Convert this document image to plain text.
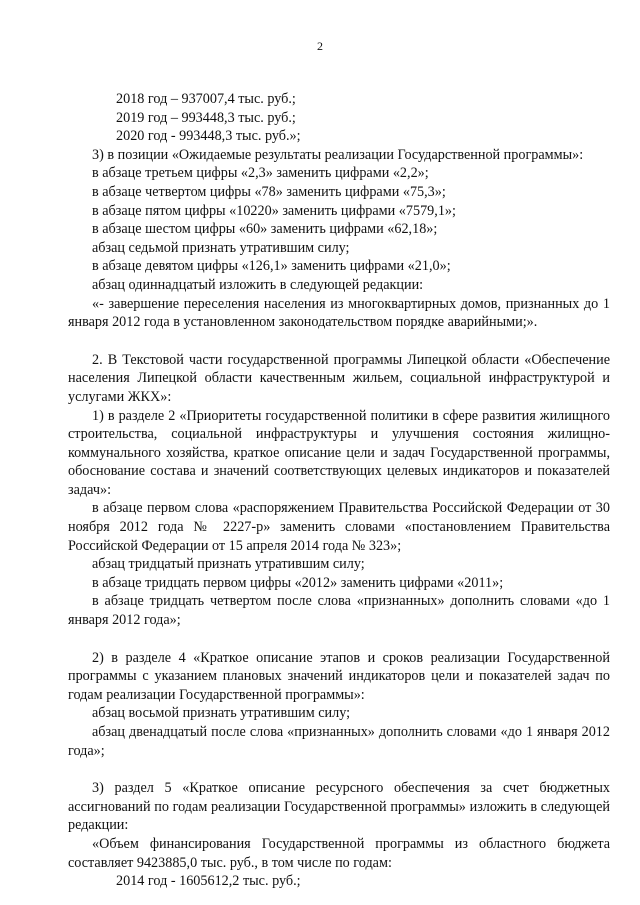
2

2018 год – 937007,4 тыс. руб.;

2019 год – 993448,3 тыс. руб.;

2020 год - 993448,3 тыс. руб.»;

3) в позиции «Ожидаемые результаты реализации Государственной программы»:

в абзаце третьем цифры «2,3» заменить цифрами «2,2»;

в абзаце четвертом цифры «78» заменить цифрами «75,3»;

в абзаце пятом цифры «10220» заменить цифрами «7579,1»;

в абзаце шестом цифры «60» заменить цифрами «62,18»;

абзац седьмой признать утратившим силу;

в абзаце девятом цифры «126,1» заменить цифрами «21,0»;

абзац одиннадцатый изложить в следующей редакции:

«- завершение переселения населения из многоквартирных домов, признанных до 1 января 2012 года в установленном законодательством порядке аварийными;».

2. В Текстовой части государственной программы Липецкой области «Обеспечение населения Липецкой области качественным жильем, социальной инфраструктурой и услугами ЖКХ»:

1) в разделе 2 «Приоритеты государственной политики в сфере развития жилищного строительства, социальной инфраструктуры и улучшения состояния жилищно-коммунального хозяйства, краткое описание цели и задач Государственной программы, обоснование состава и значений соответствующих целевых индикаторов и показателей задач»:

в абзаце первом слова «распоряжением Правительства Российской Федерации от 30 ноября 2012 года № 2227-р» заменить словами «постановлением Правительства Российской Федерации от 15 апреля 2014 года № 323»;

абзац тридцатый признать утратившим силу;

в абзаце тридцать первом цифры «2012» заменить цифрами «2011»;

в абзаце тридцать четвертом после слова «признанных» дополнить словами «до 1 января 2012 года»;

2) в разделе 4 «Краткое описание этапов и сроков реализации Государственной программы с указанием плановых значений индикаторов цели и показателей задач по годам реализации Государственной программы»:

абзац восьмой признать утратившим силу;

абзац двенадцатый после слова «признанных» дополнить словами «до 1 января 2012 года»;

3) раздел 5 «Краткое описание ресурсного обеспечения за счет бюджетных ассигнований по годам реализации Государственной программы» изложить в следующей редакции:

«Объем финансирования Государственной программы из областного бюджета составляет 9423885,0 тыс. руб., в том числе по годам:

2014 год - 1605612,2 тыс. руб.;
